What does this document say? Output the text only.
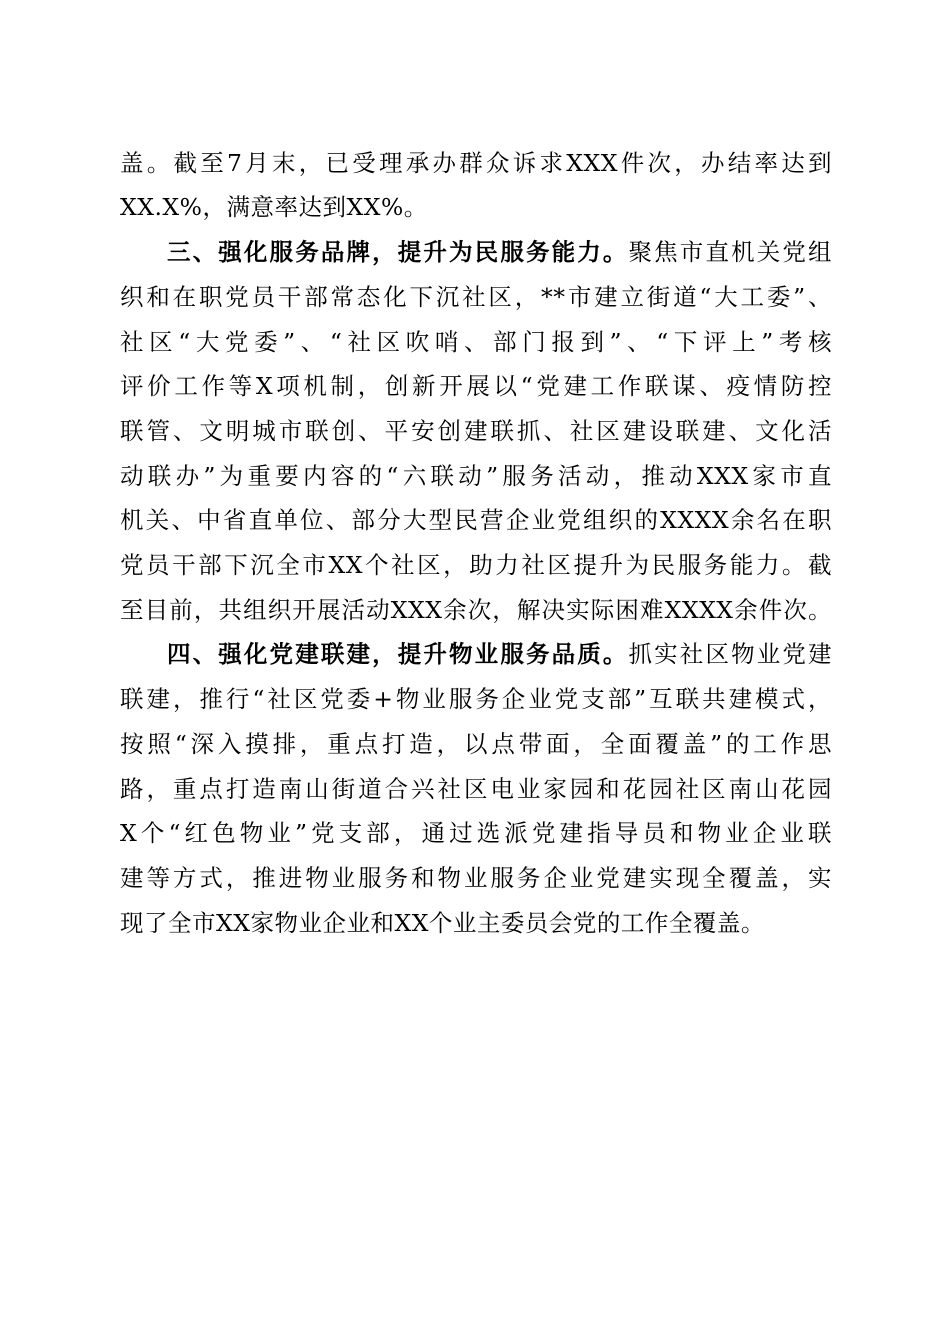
盖。截至7月末，已受理承办群众诉求XXX件次，办结率达到
XX.X%，满意率达到XX%。
三、强化服务品牌，提升为民服务能力。聚焦市直机关党组
织和在职党员干部常态化下沉社区，**市建立街道“大工委”、
社区“大党委”、“社区吹哨、部门报到”、“下评上”考核
评价工作等X项机制，创新开展以“党建工作联谋、疫情防控
联管、文明城市联创、平安创建联抓、社区建设联建、文化活
动联办”为重要内容的“六联动”服务活动，推动XXX家市直
机关、中省直单位、部分大型民营企业党组织的XXXX余名在职
党员干部下沉全市XX个社区，助力社区提升为民服务能力。截
至目前，共组织开展活动XXX余次，解决实际困难XXXX余件次。
四、强化党建联建，提升物业服务品质。抓实社区物业党建
联建，推行“社区党委+物业服务企业党支部”互联共建模式，
按照“深入摸排，重点打造，以点带面，全面覆盖”的工作思
路，重点打造南山街道合兴社区电业家园和花园社区南山花园
X个“红色物业”党支部，通过选派党建指导员和物业企业联
建等方式，推进物业服务和物业服务企业党建实现全覆盖，实
现了全市XX家物业企业和XX个业主委员会党的工作全覆盖。
